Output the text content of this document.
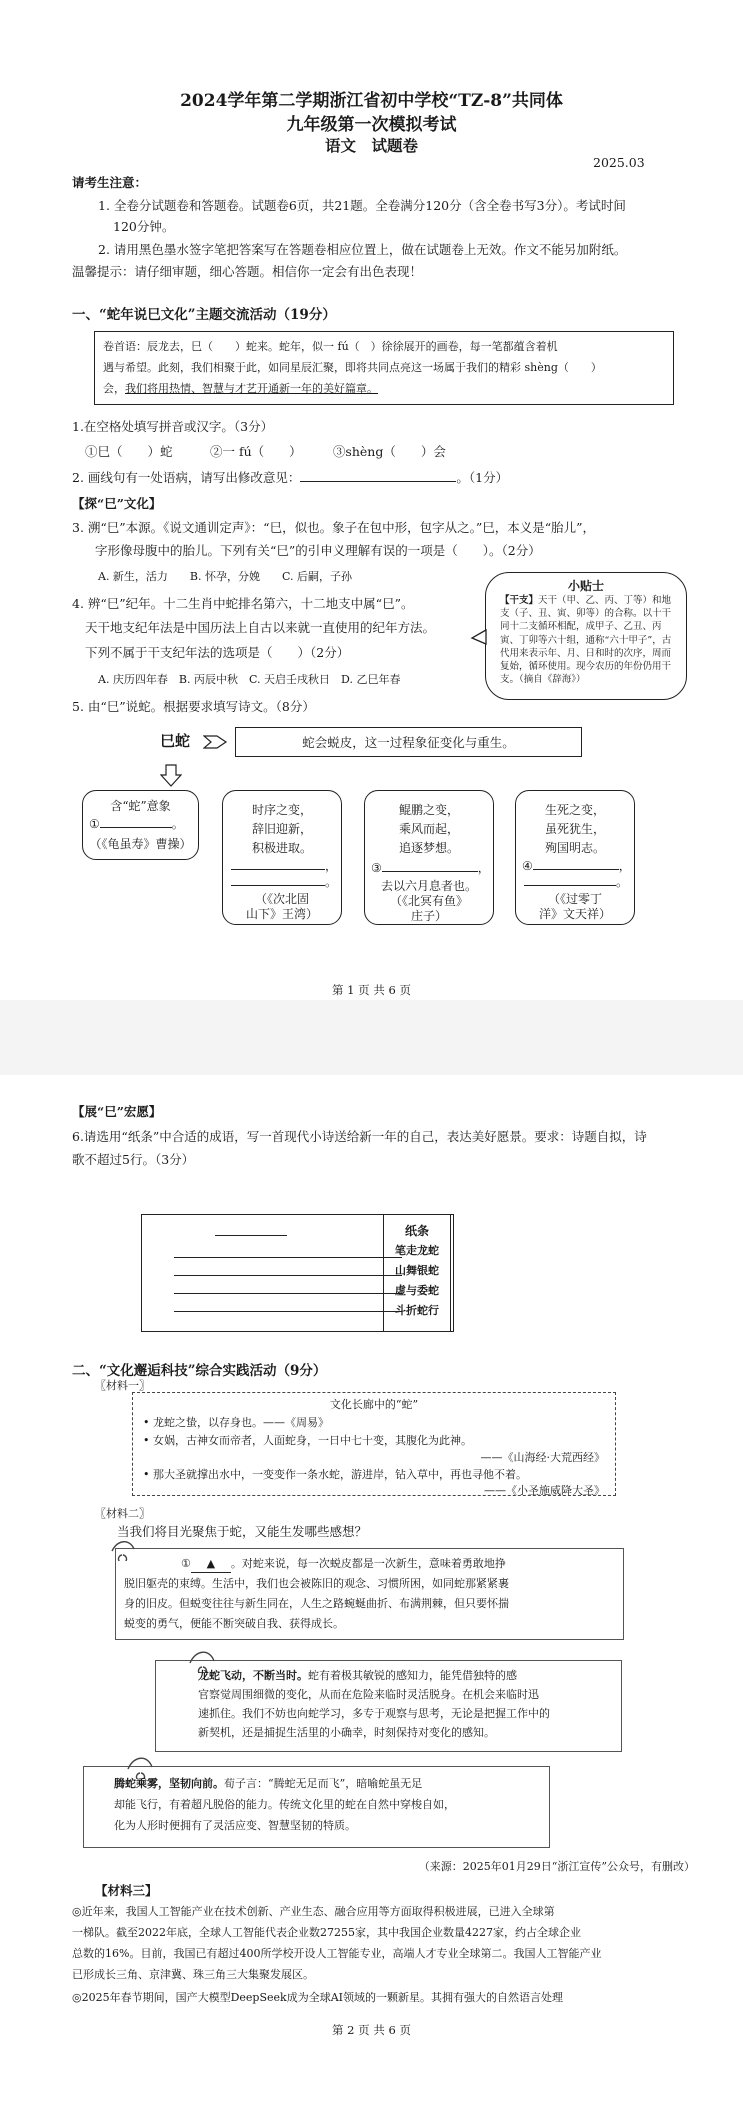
2024学年第二学期浙江省初中学校“TZ-8”共同体
九年级第一次模拟考试
语文　试题卷
2025.03
请考生注意：
1. 全卷分试题卷和答题卷。试题卷6页，共21题。全卷满分120分（含全卷书写3分）。考试时间
120分钟。
2. 请用黑色墨水签字笔把答案写在答题卷相应位置上，做在试题卷上无效。作文不能另加附纸。
温馨提示：请仔细审题，细心答题。相信你一定会有出色表现！
一、“蛇年说巳文化”主题交流活动（19分）
卷首语：辰龙去，巳（　　）蛇来。蛇年，似一 fú（　）徐徐展开的画卷，每一笔都蕴含着机
遇与希望。此刻，我们相聚于此，如同星辰汇聚，即将共同点亮这一场属于我们的精彩 shèng（　　）
会，我们将用热情、智慧与才艺开通新一年的美好篇章。
1.在空格处填写拼音或汉字。（3分）
①巳（　　）蛇　　　②一 fú（　　）　　　③shèng（　　）会
2. 画线句有一处语病，请写出修改意见：	。（1分）
【探“巳”文化】
3. 溯“巳”本源。《说文通训定声》：“巳，似也。象子在包中形，包字从之。”巳，本义是“胎儿”，
字形像母腹中的胎儿。下列有关“巳”的引申义理解有误的一项是（　　）。（2分）
A. 新生，活力　　B. 怀孕，分娩　　C. 后嗣，子孙
4. 辨“巳”纪年。十二生肖中蛇排名第六，十二地支中属“巳”。
天干地支纪年法是中国历法上自古以来就一直使用的纪年方法。
下列不属于干支纪年法的选项是（　　）（2分）
A. 庆历四年春　B. 丙辰中秋　C. 天启壬戌秋日　D. 乙巳年春
小贴士
【干支】天干（甲、乙、丙、丁等）和地支（子、丑、寅、卯等）的合称。以十干同十二支循环相配，成甲子、乙丑、丙寅、丁卯等六十组，通称“六十甲子”，古代用来表示年、月、日和时的次序，周而复始，循环使用。现今农历的年份仍用干支。（摘自《辞海》）
5. 由“巳”说蛇。根据要求填写诗文。（8分）
巳蛇	蛇会蜕皮，这一过程象征变化与重生。
含“蛇”意象
①	。
（《龟虽寿》曹操）
时序之变，
辞旧迎新，
积极进取。
，
。
（《次北固
山下》王湾）
鲲鹏之变，
乘风而起，
追逐梦想。
③	，
去以六月息者也。
（《北冥有鱼》
庄子）
生死之变，
虽死犹生，
殉国明志。
④	，
。
（《过零丁
洋》文天祥）
第 1 页 共 6 页
【展“巳”宏愿】
6.请选用“纸条”中合适的成语，写一首现代小诗送给新一年的自己，表达美好愿景。要求：诗题自拟，诗
歌不超过5行。（3分）
纸条
笔走龙蛇
山舞银蛇
虚与委蛇
斗折蛇行
二、“文化邂逅科技”综合实践活动（9分）
〖材料一〗
文化长廊中的“蛇”
• 龙蛇之蛰，以存身也。——《周易》
• 女娲，古神女而帝者，人面蛇身，一日中七十变，其腹化为此神。
——《山海经·大荒西经》
• 那大圣就撑出水中，一变变作一条水蛇，游进岸，钻入草中，再也寻他不着。
——《小圣施威降大圣》
〖材料二〗
当我们将目光聚焦于蛇，又能生发哪些感想？
① ▲ 。对蛇来说，每一次蜕皮都是一次新生，意味着勇敢地挣
脱旧躯壳的束缚。生活中，我们也会被陈旧的观念、习惯所困，如同蛇那紧紧裹
身的旧皮。但蜕变往往与新生同在，人生之路蜿蜒曲折、布满荆棘，但只要怀揣
蜕变的勇气，便能不断突破自我、获得成长。
龙蛇飞动，不断当时。蛇有着极其敏锐的感知力，能凭借独特的感
官察觉周围细微的变化，从而在危险来临时灵活脱身。在机会来临时迅
速抓住。我们不妨也向蛇学习，多专于观察与思考，无论是把握工作中的
新契机，还是捕捉生活里的小确幸，时刻保持对变化的感知。
腾蛇乘雾，坚韧向前。荀子言：“腾蛇无足而飞”，暗喻蛇虽无足
却能飞行，有着超凡脱俗的能力。传统文化里的蛇在自然中穿梭自如，
化为人形时便拥有了灵活应变、智慧坚韧的特质。
（来源：2025年01月29日“浙江宣传”公众号，有删改）
【材料三】
◎近年来，我国人工智能产业在技术创新、产业生态、融合应用等方面取得积极进展，已进入全球第
一梯队。截至2022年底，全球人工智能代表企业数27255家，其中我国企业数量4227家，约占全球企业
总数的16%。目前，我国已有超过400所学校开设人工智能专业，高端人才专业全球第二。我国人工智能产业
已形成长三角、京津冀、珠三角三大集聚发展区。
◎2025年春节期间，国产大模型DeepSeek成为全球AI领域的一颗新星。其拥有强大的自然语言处理
第 2 页 共 6 页
